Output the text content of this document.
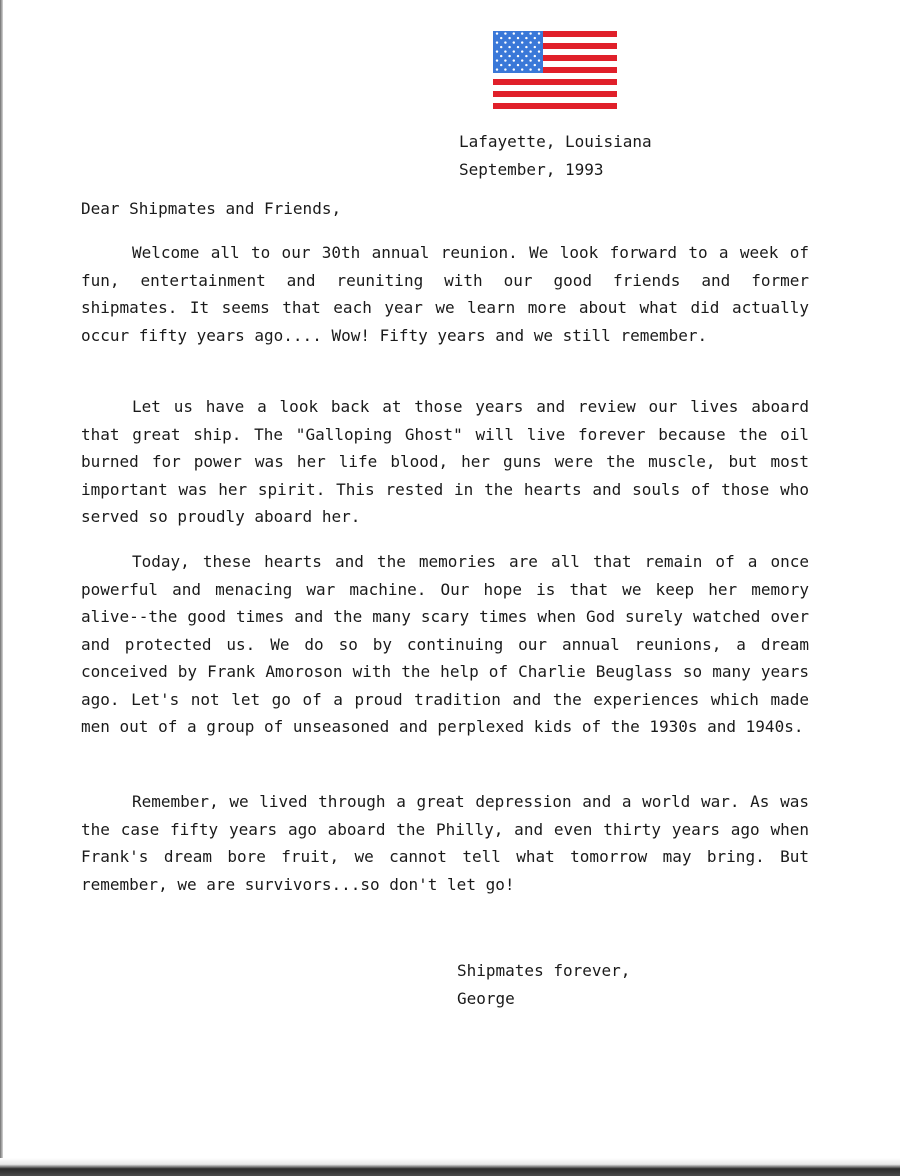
Lafayette, Louisiana
September, 1993
Dear Shipmates and Friends,

Welcome all to our 30th annual reunion. We look forward to a week of fun, entertainment and reuniting with our good friends and former shipmates. It seems that each year we learn more about what did actually occur fifty years ago.... Wow! Fifty years and we still remember.

Let us have a look back at those years and review our lives aboard that great ship. The "Galloping Ghost" will live forever because the oil burned for power was her life blood, her guns were the muscle, but most important was her spirit. This rested in the hearts and souls of those who served so proudly aboard her.

Today, these hearts and the memories are all that remain of a once powerful and menacing war machine. Our hope is that we keep her memory alive--the good times and the many scary times when God surely watched over and protected us. We do so by continuing our annual reunions, a dream conceived by Frank Amoroson with the help of Charlie Beuglass so many years ago. Let's not let go of a proud tradition and the experiences which made men out of a group of unseasoned and perplexed kids of the 1930s and 1940s.

Remember, we lived through a great depression and a world war. As was the case fifty years ago aboard the Philly, and even thirty years ago when Frank's dream bore fruit, we cannot tell what tomorrow may bring. But remember, we are survivors...so don't let go!

Shipmates forever,
George
